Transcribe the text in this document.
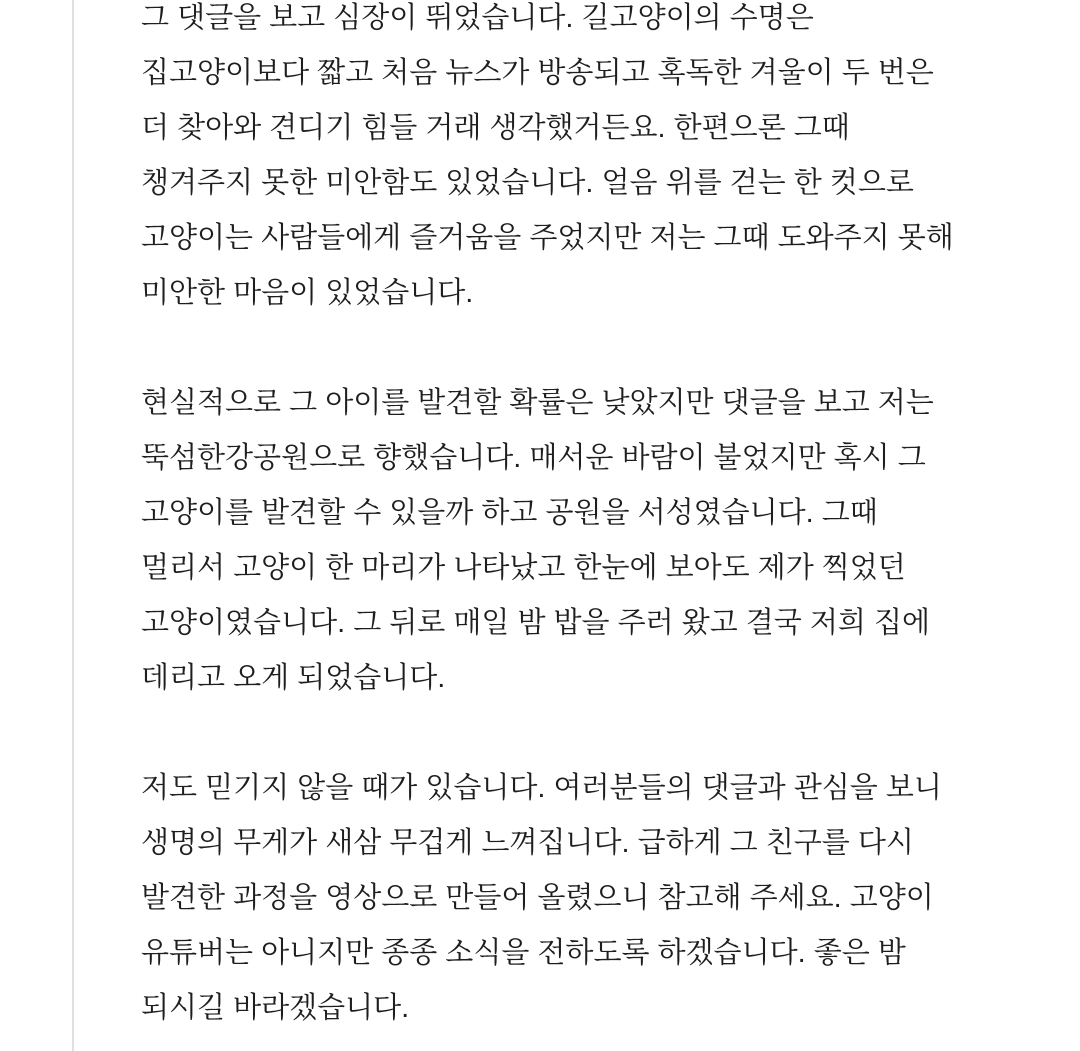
그 댓글을 보고 심장이 뛰었습니다. 길고양이의 수명은
집고양이보다 짧고 처음 뉴스가 방송되고 혹독한 겨울이 두 번은
더 찾아와 견디기 힘들 거래 생각했거든요. 한편으론 그때
챙겨주지 못한 미안함도 있었습니다. 얼음 위를 걷는 한 컷으로
고양이는 사람들에게 즐거움을 주었지만 저는 그때 도와주지 못해
미안한 마음이 있었습니다.
현실적으로 그 아이를 발견할 확률은 낮았지만 댓글을 보고 저는
뚝섬한강공원으로 향했습니다. 매서운 바람이 불었지만 혹시 그
고양이를 발견할 수 있을까 하고 공원을 서성였습니다. 그때
멀리서 고양이 한 마리가 나타났고 한눈에 보아도 제가 찍었던
고양이였습니다. 그 뒤로 매일 밤 밥을 주러 왔고 결국 저희 집에
데리고 오게 되었습니다.
저도 믿기지 않을 때가 있습니다. 여러분들의 댓글과 관심을 보니
생명의 무게가 새삼 무겁게 느껴집니다. 급하게 그 친구를 다시
발견한 과정을 영상으로 만들어 올렸으니 참고해 주세요. 고양이
유튜버는 아니지만 종종 소식을 전하도록 하겠습니다. 좋은 밤
되시길 바라겠습니다.
